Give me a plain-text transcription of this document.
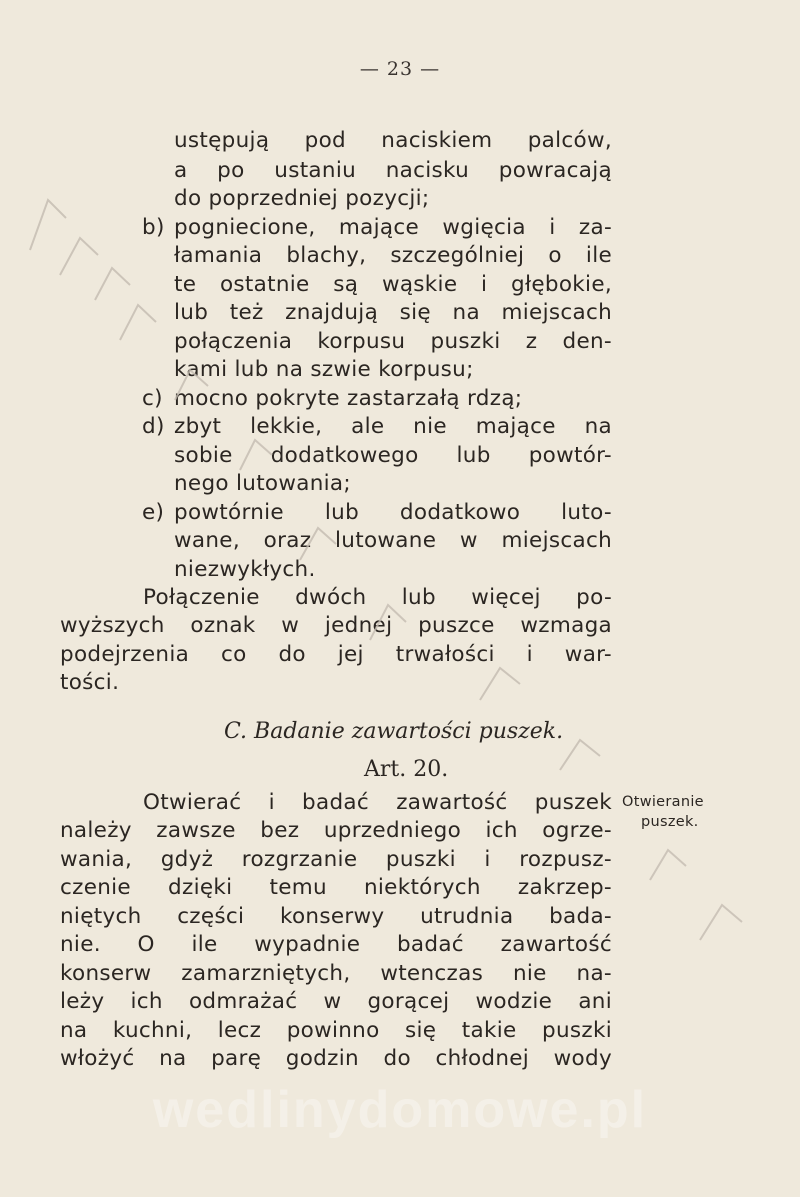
— 23 —
ustępują pod naciskiem palców,
a po ustaniu nacisku powracają
do poprzedniej pozycji;
b) pogniecione, mające wgięcia i za-
łamania blachy, szczególniej o ile
te ostatnie są wąskie i głębokie,
lub też znajdują się na miejscach
połączenia korpusu puszki z den-
kami lub na szwie korpusu;
c) mocno pokryte zastarzałą rdzą;
d) zbyt lekkie, ale nie mające na
sobie dodatkowego lub powtór-
nego lutowania;
e) powtórnie lub dodatkowo luto-
wane, oraz lutowane w miejscach
niezwykłych.
Połączenie dwóch lub więcej po-
wyższych oznak w jednej puszce wzmaga
podejrzenia co do jej trwałości i war-
tości.
C. Badanie zawartości puszek.
Art. 20.
Otwierać i badać zawartość puszek
należy zawsze bez uprzedniego ich ogrze-
wania, gdyż rozgrzanie puszki i rozpusz-
czenie dzięki temu niektórych zakrzep-
niętych części konserwy utrudnia bada-
nie. O ile wypadnie badać zawartość
konserw zamarzniętych, wtenczas nie na-
leży ich odmrażać w gorącej wodzie ani
na kuchni, lecz powinno się takie puszki
włożyć na parę godzin do chłodnej wody
Otwieranie
puszek.
wedlinydomowe.pl
